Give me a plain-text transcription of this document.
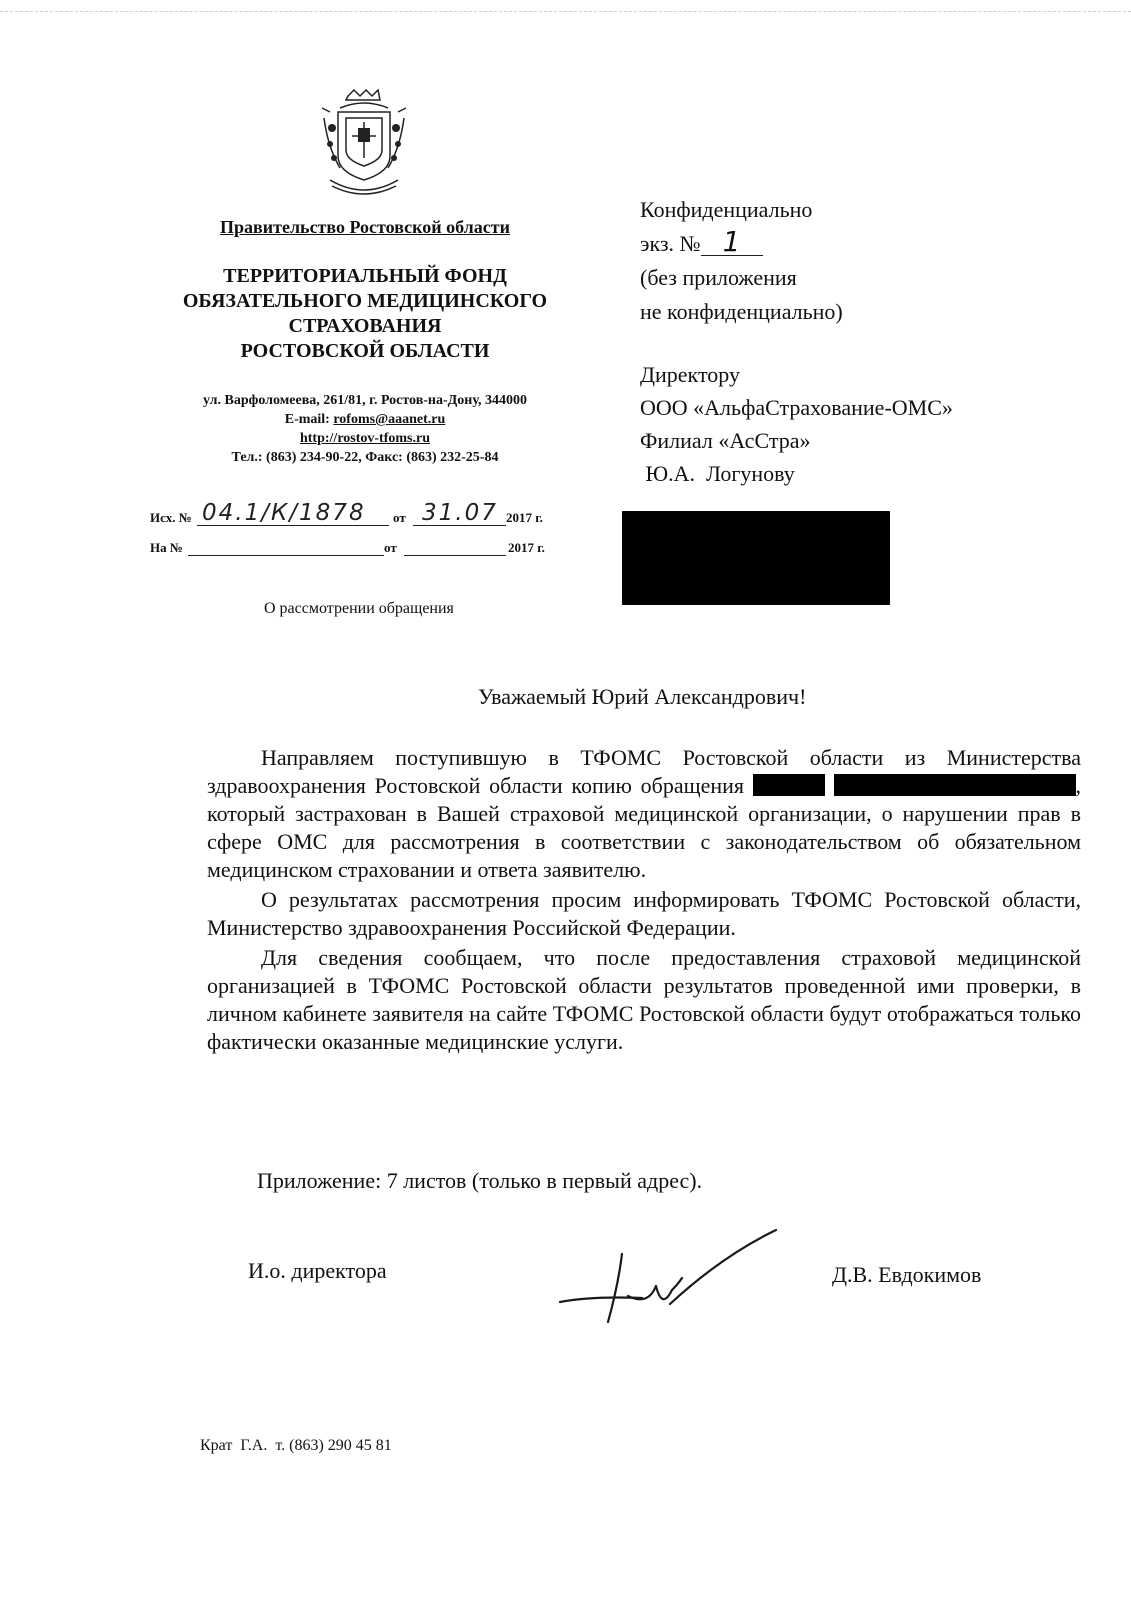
Правительство Ростовской области
ТЕРРИТОРИАЛЬНЫЙ ФОНД
ОБЯЗАТЕЛЬНОГО МЕДИЦИНСКОГО
СТРАХОВАНИЯ
РОСТОВСКОЙ ОБЛАСТИ
ул. Варфоломеева, 261/81, г. Ростов-на-Дону, 344000
E-mail: rofoms@aaanet.ru
http://rostov-tfoms.ru
Тел.: (863) 234-90-22, Факс: (863) 232-25-84
Исх. № 04.1/К/1878 от 31.07 2017 г.
На №	от	2017 г.
О рассмотрении обращения
Конфиденциально
экз. № 1
(без приложения
не конфиденциально)
Директору
ООО «АльфаСтрахование-ОМС»
Филиал «АсСтра»
Ю.А.  Логунову
Уважаемый Юрий Александрович!

Направляем поступившую в ТФОМС Ростовской области из Министерства здравоохранения Ростовской области копию обращения	, который застрахован в Вашей страховой медицинской организации, о нарушении прав в сфере ОМС для рассмотрения в соответствии с законодательством об обязательном медицинском страховании и ответа заявителю.

О результатах рассмотрения просим информировать ТФОМС Ростовской области, Министерство здравоохранения Российской Федерации.

Для сведения сообщаем, что после предоставления страховой медицинской организацией в ТФОМС Ростовской области результатов проведенной ими проверки, в личном кабинете заявителя на сайте ТФОМС Ростовской области будут отображаться только фактически оказанные медицинские услуги.

Приложение: 7 листов (только в первый адрес).
И.о. директора	Д.В. Евдокимов
Крат  Г.А.  т. (863) 290 45 81
